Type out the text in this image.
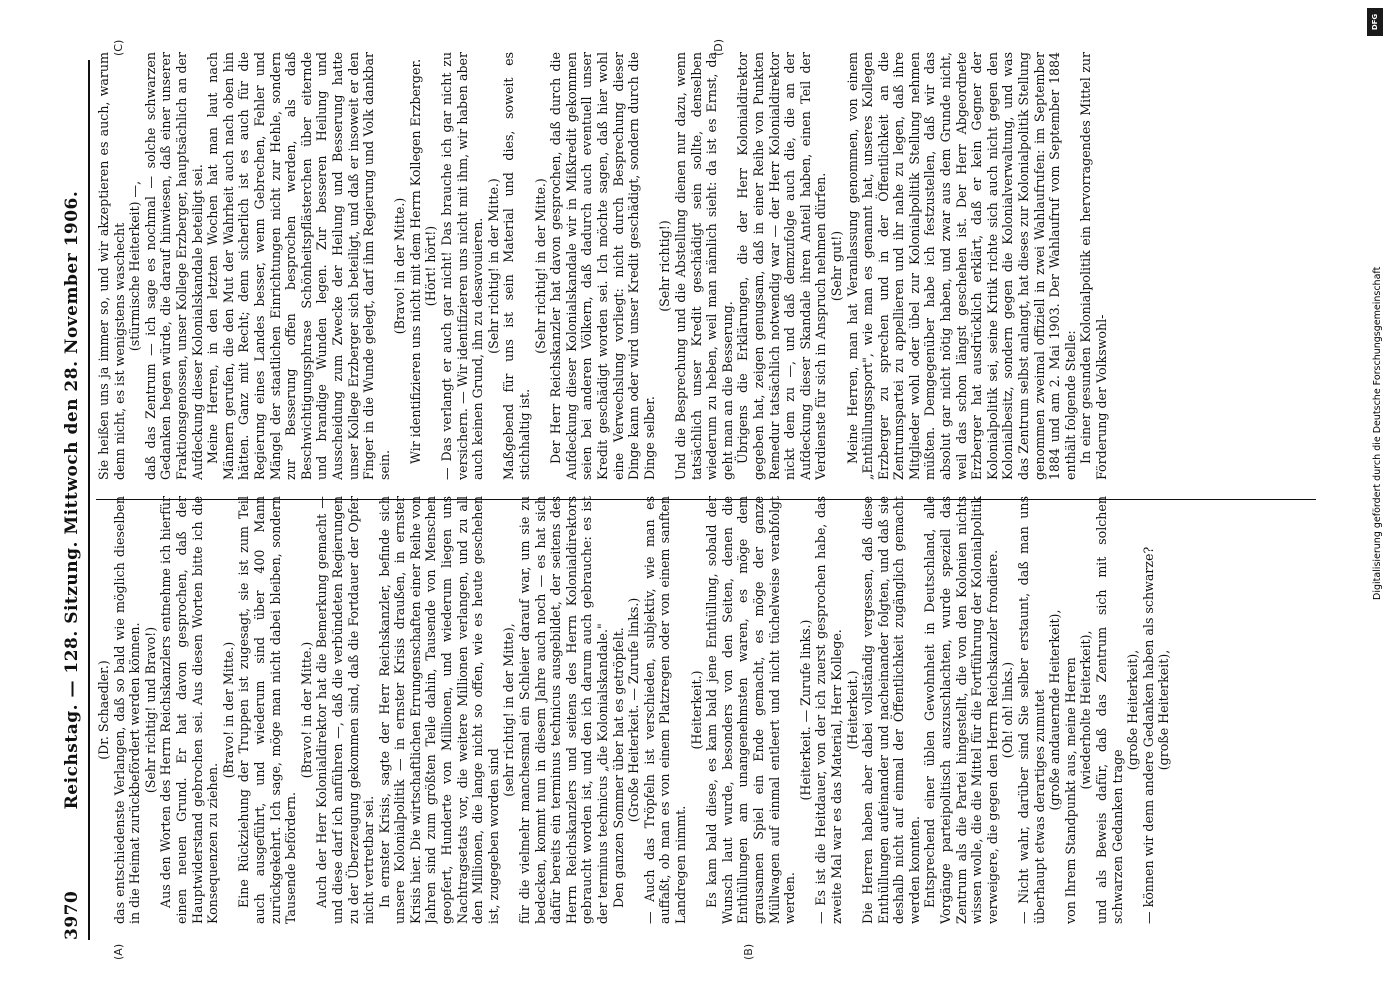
3970
Reichstag. — 128. Sitzung. Mittwoch den 28. November 1906.
(A)	(B)
(C)	(D)

(Dr. Schaedler.) das entschiedenste Verlangen, daß so bald wie möglich dieselben in die Heimat zurückbefördert werden können. (Sehr richtig! und Bravo!) Aus den Worten des Herrn Reichskanzlers entnehme ich hierfür einen neuen Grund. Er hat davon gesprochen, daß der Hauptwiderstand gebrochen sei. Aus diesen Worten bitte ich die Konsequenzen zu ziehen.

(Bravo! in der Mitte.) Eine Rückziehung der Truppen ist zugesagt, sie ist zum Teil auch ausgeführt, und wiederum sind über 400 Mann zurückgekehrt. Ich sage, möge man nicht dabei bleiben, sondern Tausende befördern.

(Bravo! in der Mitte.) Auch der Herr Kolonialdirektor hat die Bemerkung gemacht — und diese darf ich anführen —, daß die verbündeten Regierungen zu der Überzeugung gekommen sind, daß die Fortdauer der Opfer nicht vertretbar sei. In ernster Krisis, sagte der Herr Reichskanzler, befinde sich unsere Kolonialpolitik — in ernster Krisis draußen, in ernster Krisis hier. Die wirtschaftlichen Errungenschaften einer Reihe von Jahren sind zum größten Teile dahin, Tausende von Menschen geopfert, Hunderte von Millionen, und wiederum liegen uns Nachtragsetats vor, die weitere Millionen verlangen, und zu all den Millionen, die lange nicht so offen, wie es heute geschehen ist, zugegeben worden sind

(sehr richtig! in der Mitte), für die vielmehr manchesmal ein Schleier darauf war, um sie zu bedecken, kommt nun in diesem Jahre auch noch — es hat sich dafür bereits ein terminus technicus ausgebildet, der seitens des Herrn Reichskanzlers und seitens des Herrn Kolonialdirektors gebraucht worden ist, und den ich darum auch gebrauche: es ist der terminus technicus „die Kolonialskandale." Den ganzen Sommer über hat es getröpfelt. (Große Heiterkeit. — Zurufe links.) — Auch das Tröpfeln ist verschieden, subjektiv, wie man es auffaßt, ob man es von einem Platzregen oder von einem sanften Landregen nimmt.

(Heiterkeit.) Es kam bald diese, es kam bald jene Enthüllung, sobald der Wunsch laut wurde, besonders von den Seiten, denen die Enthüllungen am unangenehmsten waren, es möge dem grausamen Spiel ein Ende gemacht, es möge der ganze Müllwagen auf einmal entleert und nicht tüchelweise verabfolgt werden.

(Heiterkeit. — Zurufe links.) — Es ist die Heitdauer, von der ich zuerst gesprochen habe, das zweite Mal war es das Material, Herr Kollege. (Heiterkeit.) Die Herren haben aber dabei vollständig vergessen, daß diese Enthüllungen aufeinander und nacheinander folgten, und daß sie deshalb nicht auf einmal der Öffentlichkeit zugänglich gemacht werden konnten. Entsprechend einer üblen Gewohnheit in Deutschland, alle Vorgänge parteipolitisch auszuschlachten, wurde speziell das Zentrum als die Partei hingestellt, die von den Kolonien nichts wissen wolle, die die Mittel für die Fortführung der Kolonialpolitik verweigere, die gegen den Herrn Reichskanzler frondiere. (Oh! oh! links.) — Nicht wahr, darüber sind Sie selber erstaunt, daß man uns überhaupt etwas derartiges zumutet (große andauernde Heiterkeit), von Ihrem Standpunkt aus, meine Herren (wiederholte Heiterkeit), und als Beweis dafür, daß das Zentrum sich mit solchen schwarzen Gedanken trage

(große Heiterkeit), — können wir denn andere Gedanken haben als schwarze? (große Heiterkeit),

Sie heißen uns ja immer so, und wir akzeptieren es auch, warum denn nicht, es ist wenigstens waschecht (stürmische Heiterkeit) —, daß das Zentrum — ich sage es nochmal — solche schwarzen Gedanken hegen würde, die darauf hinwiesen, daß einer unserer Fraktionsgenossen, unser Kollege Erzberger, hauptsächlich an der Aufdeckung dieser Kolonialskandale beteiligt sei. Meine Herren, in den letzten Wochen hat man laut nach Männern gerufen, die den Mut der Wahrheit auch nach oben hin hätten. Ganz mit Recht; denn sicherlich ist es auch für die Regierung eines Landes besser, wenn Gebrechen, Fehler und Mängel der staatlichen Einrichtungen nicht zur Hehle, sondern zur Besserung offen besprochen werden, als daß Beschwichtigungsphrase Schönheitspflästerchen über eiternde und brandige Wunden legen. Zur besseren Heilung und Ausscheidung zum Zwecke der Heilung und Besserung hatte unser Kollege Erzberger sich beteiligt, und daß er insoweit er den Finger in die Wunde gelegt, darf ihm Regierung und Volk dankbar sein.

(Bravo! in der Mitte.) Wir identifizieren uns nicht mit dem Herrn Kollegen Erzberger. (Hört! hört!) — Das verlangt er auch gar nicht! Das brauche ich gar nicht zu versichern. — Wir identifizieren uns nicht mit ihm, wir haben aber auch keinen Grund, ihn zu desavouieren. (Sehr richtig! in der Mitte.) Maßgebend für uns ist sein Material und dies, soweit es stichhaltig ist.

(Sehr richtig! in der Mitte.) Der Herr Reichskanzler hat davon gesprochen, daß durch die Aufdeckung dieser Kolonialskandale wir in Mißkredit gekommen seien bei anderen Völkern, daß dadurch auch eventuell unser Kredit geschädigt worden sei. Ich möchte sagen, daß hier wohl eine Verwechslung vorliegt: nicht durch Besprechung dieser Dinge kann oder wird unser Kredit geschädigt, sondern durch die Dinge selber.

(Sehr richtig!) Und die Besprechung und die Abstellung dienen nur dazu, wenn tatsächlich unser Kredit geschädigt sein sollte, denselben wiederum zu heben, weil man nämlich sieht: da ist es Ernst, da geht man an die Besserung. Übrigens die Erklärungen, die der Herr Kolonialdirektor gegeben hat, zeigen genugsam, daß in einer Reihe von Punkten Remedur tatsächlich notwendig war — der Herr Kolonialdirektor nickt dem zu —, und daß demzufolge auch die, die an der Aufdeckung dieser Skandale ihren Anteil haben, einen Teil der Verdienste für sich in Anspruch nehmen dürfen. (Sehr gut!) Meine Herren, man hat Veranlassung genommen, von einem „Enthüllungssport", wie man es genannt hat, unseres Kollegen Erzberger zu sprechen und in der Öffentlichkeit an die Zentrumspartei zu appellieren und ihr nahe zu legen, daß ihre Mitglieder wohl oder übel zur Kolonialpolitik Stellung nehmen müßten. Demgegenüber habe ich festzustellen, daß wir das absolut gar nicht nötig haben, und zwar aus dem Grunde nicht, weil das schon längst geschehen ist. Der Herr Abgeordnete Erzberger hat ausdrücklich erklärt, daß er kein Gegner der Kolonialpolitik sei, seine Kritik richte sich auch nicht gegen den Kolonialbesitz, sondern gegen die Kolonialverwaltung, und was das Zentrum selbst anlangt, hat dieses zur Kolonialpolitik Stellung genommen zweimal offiziell in zwei Wahlaufrufen: im September 1884 und am 2. Mai 1903. Der Wahlaufruf vom September 1884 enthält folgende Stelle: In einer gesunden Kolonialpolitik ein hervorragendes Mittel zur Förderung der Volkswohl-

DFG
Digitalisierung gefördert durch die Deutsche Forschungsgemeinschaft
